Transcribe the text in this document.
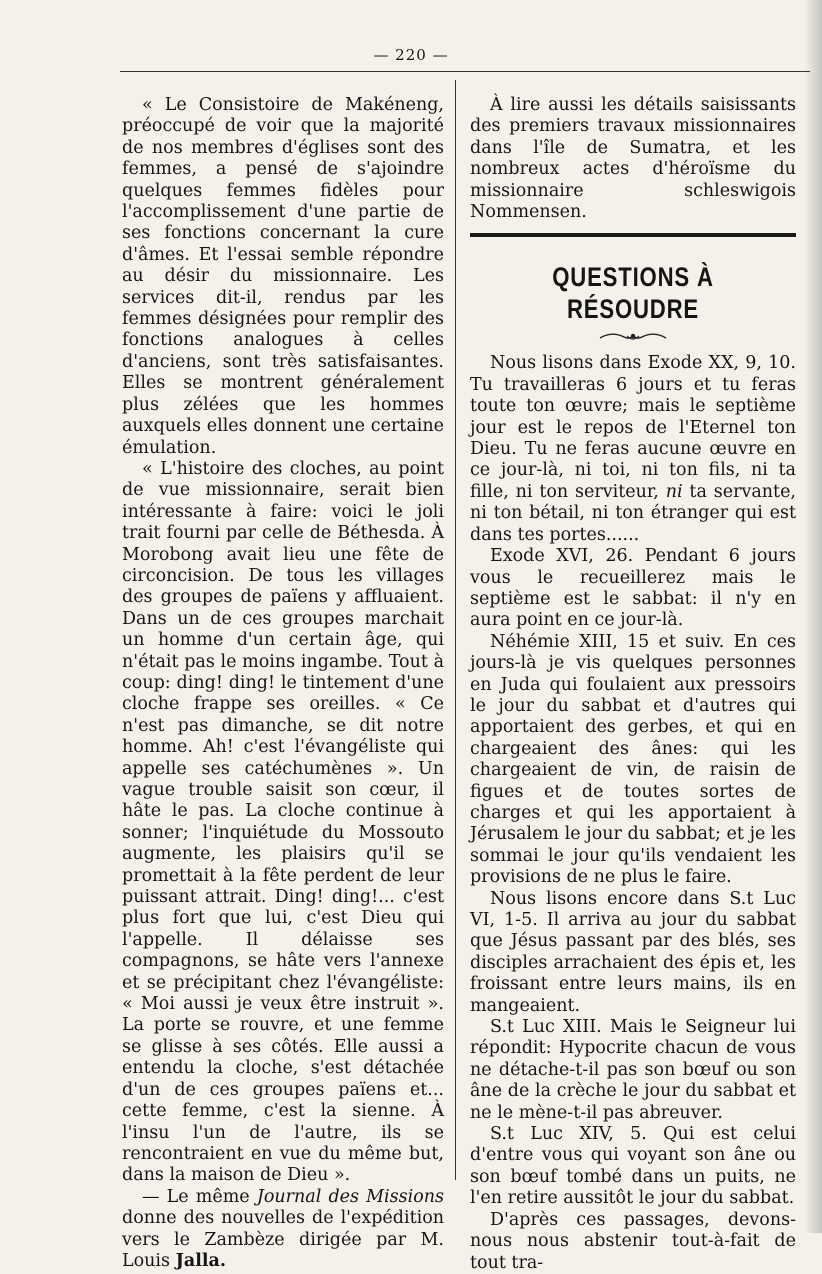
— 220 —

« Le Consistoire de Makéneng, préoccupé de voir que la majorité de nos membres d'églises sont des femmes, a pensé de s'ajoindre quelques femmes fidèles pour l'accomplissement d'une partie de ses fonctions concernant la cure d'âmes. Et l'essai semble répondre au désir du missionnaire. Les services dit-il, rendus par les femmes désignées pour remplir des fonctions analogues à celles d'anciens, sont très satisfaisantes. Elles se montrent généralement plus zélées que les hommes auxquels elles donnent une certaine émulation.

« L'histoire des cloches, au point de vue missionnaire, serait bien intéressante à faire: voici le joli trait fourni par celle de Béthesda. À Morobong avait lieu une fête de circoncision. De tous les villages des groupes de païens y affluaient. Dans un de ces groupes marchait un homme d'un certain âge, qui n'était pas le moins ingambe. Tout à coup: ding! ding! le tintement d'une cloche frappe ses oreilles. « Ce n'est pas dimanche, se dit notre homme. Ah! c'est l'évangéliste qui appelle ses catéchumènes ». Un vague trouble saisit son cœur, il hâte le pas. La cloche continue à sonner; l'inquiétude du Mossouto augmente, les plaisirs qu'il se promettait à la fête perdent de leur puissant attrait. Ding! ding!... c'est plus fort que lui, c'est Dieu qui l'appelle. Il délaisse ses compagnons, se hâte vers l'annexe et se précipitant chez l'évangéliste: « Moi aussi je veux être instruit ». La porte se rouvre, et une femme se glisse à ses côtés. Elle aussi a entendu la cloche, s'est détachée d'un de ces groupes païens et... cette femme, c'est la sienne. À l'insu l'un de l'autre, ils se rencontraient en vue du même but, dans la maison de Dieu ».

— Le même Journal des Missions donne des nouvelles de l'expédition vers le Zambèze dirigée par M. Louis Jalla.

À lire aussi les détails saisissants des premiers travaux missionnaires dans l'île de Sumatra, et les nombreux actes d'héroïsme du missionnaire schleswigois Nommensen.

QUESTIONS À RÉSOUDRE

Nous lisons dans Exode XX, 9, 10. Tu travailleras 6 jours et tu feras toute ton œuvre; mais le septième jour est le repos de l'Eternel ton Dieu. Tu ne feras aucune œuvre en ce jour-là, ni toi, ni ton fils, ni ta fille, ni ton serviteur, ni ta servante, ni ton bétail, ni ton étranger qui est dans tes portes......

Exode XVI, 26. Pendant 6 jours vous le recueillerez mais le septième est le sabbat: il n'y en aura point en ce jour-là.

Néhémie XIII, 15 et suiv. En ces jours-là je vis quelques personnes en Juda qui foulaient aux pressoirs le jour du sabbat et d'autres qui apportaient des gerbes, et qui en chargeaient des ânes: qui les chargeaient de vin, de raisin de figues et de toutes sortes de charges et qui les apportaient à Jérusalem le jour du sabbat; et je les sommai le jour qu'ils vendaient les provisions de ne plus le faire.

Nous lisons encore dans S.t Luc VI, 1-5. Il arriva au jour du sabbat que Jésus passant par des blés, ses disciples arrachaient des épis et, les froissant entre leurs mains, ils en mangeaient.

S.t Luc XIII. Mais le Seigneur lui répondit: Hypocrite chacun de vous ne détache-t-il pas son bœuf ou son âne de la crèche le jour du sabbat et ne le mène-t-il pas abreuver.

S.t Luc XIV, 5. Qui est celui d'entre vous qui voyant son âne ou son bœuf tombé dans un puits, ne l'en retire aussitôt le jour du sabbat.

D'après ces passages, devons-nous nous abstenir tout-à-fait de tout tra-
